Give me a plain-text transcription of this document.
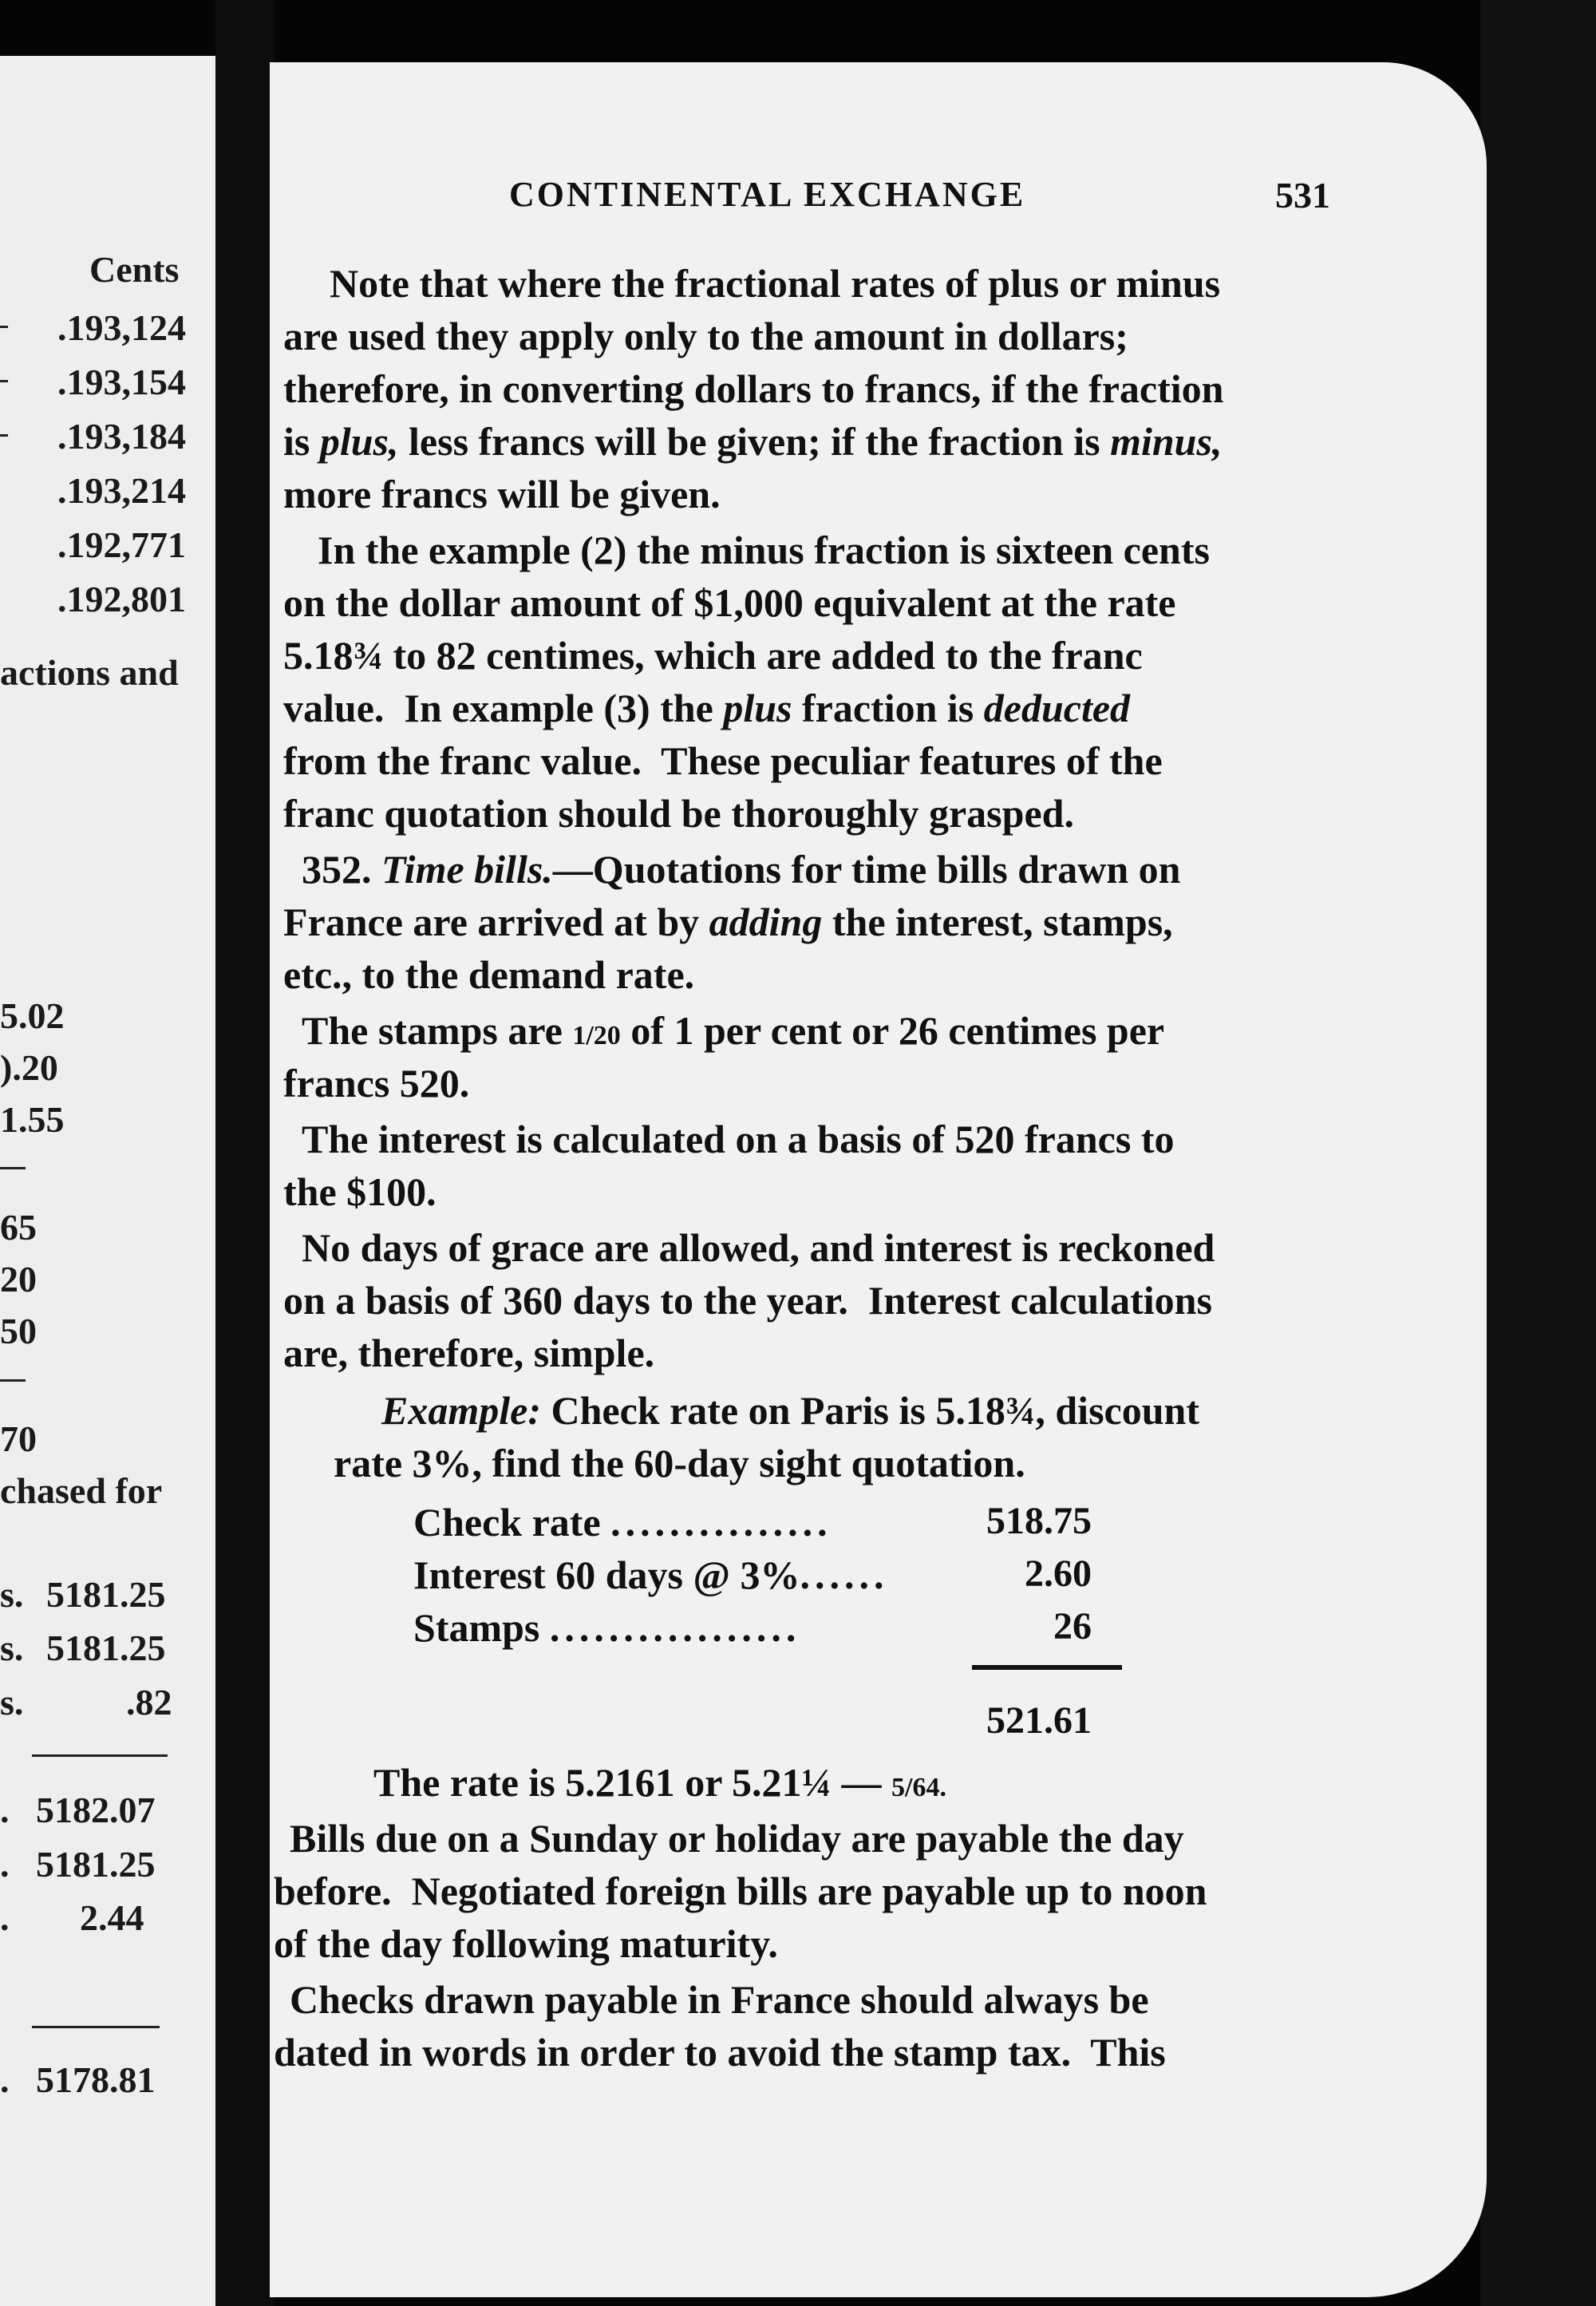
Cents
.193,124
.193,154
.193,184
.193,214
.192,771
.192,801
actions and
5.02
).20
1.55
65
20
50
70
chased for
s. 5181.25
s. 5181.25
s.	.82
. 5182.07
. 5181.25
. 2.44
. 5178.81
CONTINENTAL EXCHANGE	531
Note that where the fractional rates of plus or minus
are used they apply only to the amount in dollars;
therefore, in converting dollars to francs, if the fraction
is plus, less francs will be given; if the fraction is minus,
more francs will be given.
In the example (2) the minus fraction is sixteen cents
on the dollar amount of $1,000 equivalent at the rate
5.18¾ to 82 centimes, which are added to the franc
value.  In example (3) the plus fraction is deducted
from the franc value.  These peculiar features of the
franc quotation should be thoroughly grasped.
352. Time bills.—Quotations for time bills drawn on
France are arrived at by adding the interest, stamps,
etc., to the demand rate.
The stamps are 1/20 of 1 per cent or 26 centimes per
francs 520.
The interest is calculated on a basis of 520 francs to
the $100.
No days of grace are allowed, and interest is reckoned
on a basis of 360 days to the year.  Interest calculations
are, therefore, simple.
Example: Check rate on Paris is 5.18¾, discount
rate 3%, find the 60-day sight quotation.
Check rate ...............	518.75
Interest 60 days @ 3%......	2.60
Stamps .................	26
521.61
The rate is 5.2161 or 5.21¼ — 5/64.
Bills due on a Sunday or holiday are payable the day
before.  Negotiated foreign bills are payable up to noon
of the day following maturity.
Checks drawn payable in France should always be
dated in words in order to avoid the stamp tax.  This
